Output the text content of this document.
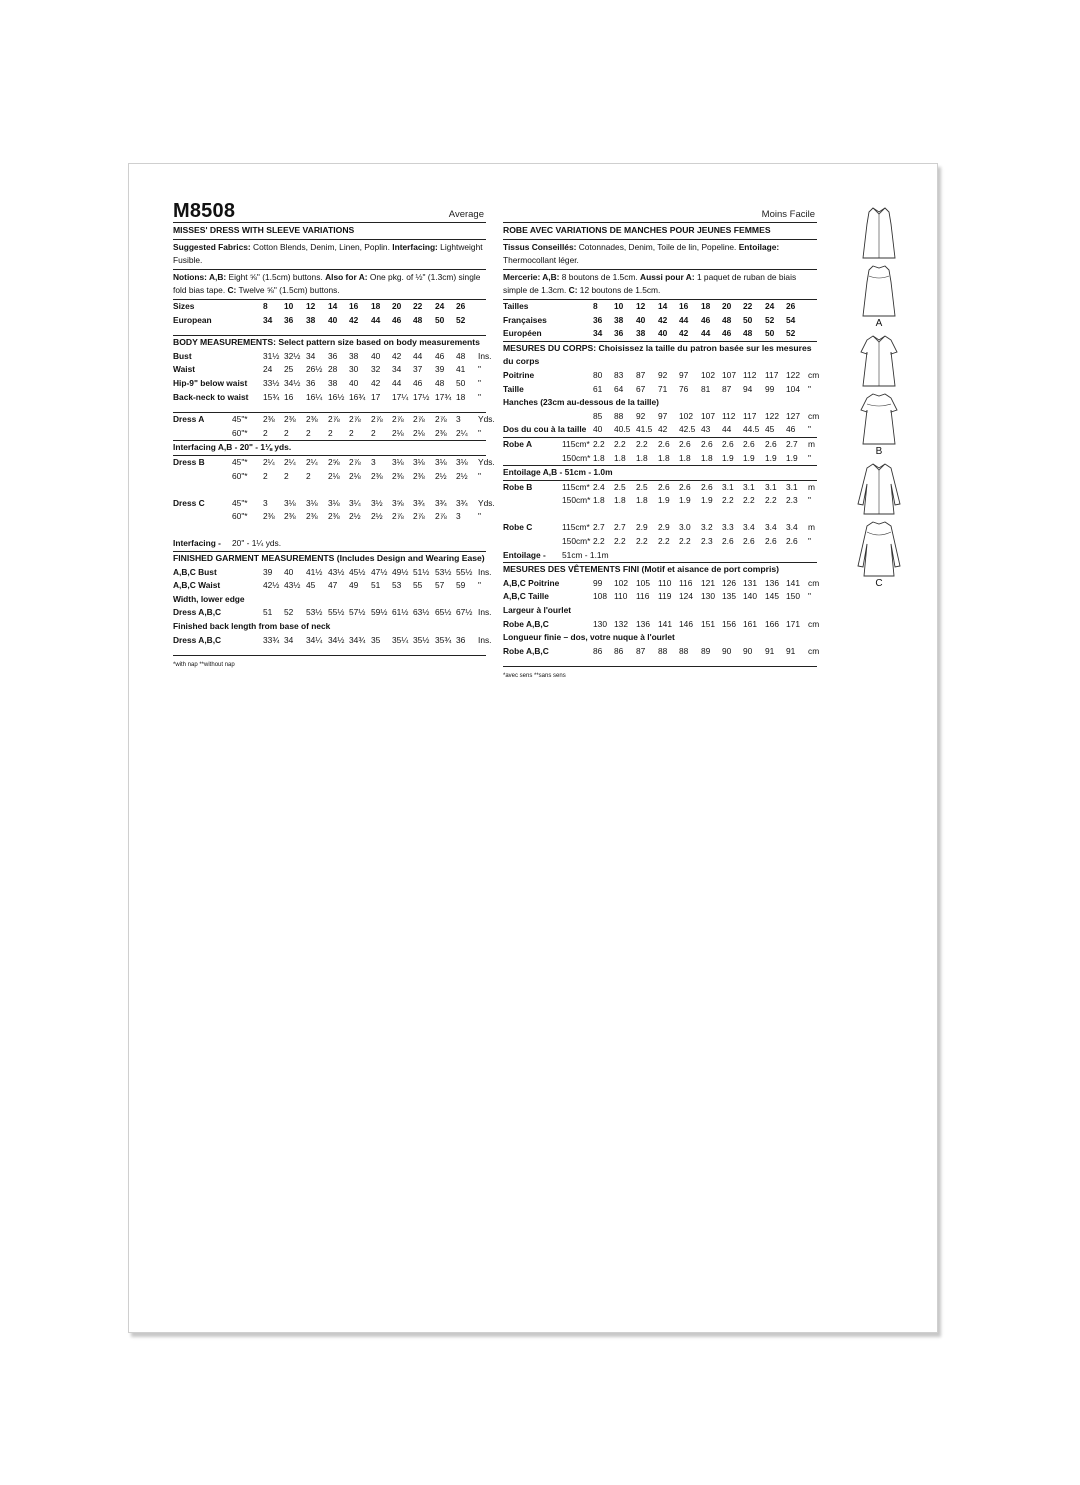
M8508	Average
MISSES' DRESS WITH SLEEVE VARIATIONS
Suggested Fabrics: Cotton Blends, Denim, Linen, Poplin. Interfacing: Lightweight Fusible.
Notions: A,B: Eight ⅝" (1.5cm) buttons. Also for A: One pkg. of ½" (1.3cm) single fold bias tape. C: Twelve ⅝" (1.5cm) buttons.
Sizes	8	10	12	14	16	18	20	22	24	26
European	34	36	38	40	42	44	46	48	50	52
BODY MEASUREMENTS: Select pattern size based on body measurements
Bust	31½ 32½ 34	36	38	40	42	44	46	48	Ins.
Waist	24	25	26½ 28	30	32	34	37	39	41	"
Hip-9" below waist 33½ 34½ 36	38	40	42	44	46	48	50	"
Back-neck to waist 15¾ 16	16¼ 16½ 16¾ 17	17¼ 17½ 17¾ 18	"
Dress A	45"* 2⅜	2⅜	2⅜	2⅞	2⅞	2⅞	2⅞	2⅞	2⅞	3	Yds.
60"* 2	2	2	2	2	2	2⅛	2⅛	2⅜	2¼	"
Interfacing A,B - 20" - 1⅛ yds.
Dress B	45"* 2¼	2¼	2¼	2⅝	2⅞	3	3⅛	3⅛	3⅛	3⅛	Yds.
60"* 2	2	2	2⅛	2⅛	2⅜	2⅜	2⅜	2½	2½	"
Dress C	45"* 3	3⅛	3⅛	3⅛	3¼	3½	3⅝	3¾	3¾	3¾	Yds.
60"* 2⅜	2⅜	2⅜	2⅜	2½	2½	2⅞	2⅞	2⅞	3	"
Interfacing - 20" - 1¼ yds.
FINISHED GARMENT MEASUREMENTS (Includes Design and Wearing Ease)
A,B,C Bust	39	40	41½ 43½ 45½ 47½ 49½ 51½ 53½ 55½ Ins.
A,B,C Waist	42½ 43½ 45	47	49	51	53	55	57	59	"
Width, lower edge
Dress A,B,C	51	52	53½ 55½ 57½ 59½ 61½ 63½ 65½ 67½ Ins.
Finished back length from base of neck
Dress A,B,C	33¾ 34	34¼ 34½ 34¾ 35	35¼ 35½ 35¾ 36	Ins.
*with nap **without nap
Moins Facile
ROBE AVEC VARIATIONS DE MANCHES POUR JEUNES FEMMES
Tissus Conseillés: Cotonnades, Denim, Toile de lin, Popeline. Entoilage: Thermocollant léger.
Mercerie: A,B: 8 boutons de 1.5cm. Aussi pour A: 1 paquet de ruban de biais simple de 1.3cm. C: 12 boutons de 1.5cm.
Tailles	8	10	12	14	16	18	20	22	24	26
Françaises	36	38	40	42	44	46	48	50	52	54
Européen	34	36	38	40	42	44	46	48	50	52
MESURES DU CORPS: Choisissez la taille du patron basée sur les mesures du corps
Poitrine	80	83	87	92	97	102 107 112	117 122 cm
Taille	61	64	67	71	76	81	87	94	99	104 "
Hanches (23cm au-dessous de la taille)
85	88	92	97	102 107 112 117	122 127 cm
Dos du cou à la taille 40	40.5 41.5 42	42.5 43	44	44.5 45	46	"
Robe A	115cm* 2.2	2.2	2.2	2.6	2.6	2.6	2.6	2.6	2.6	2.7	m
150cm* 1.8	1.8	1.8	1.8	1.8	1.8	1.9	1.9	1.9	1.9	"
Entoilage A,B - 51cm - 1.0m
Robe B	115cm* 2.4	2.5	2.5	2.6	2.6	2.6	3.1	3.1	3.1	3.1	m
150cm* 1.8	1.8	1.8	1.9	1.9	1.9	2.2	2.2	2.2	2.3	"
Robe C	115cm* 2.7	2.7	2.9	2.9	3.0	3.2	3.3	3.4	3.4	3.4	m
150cm* 2.2	2.2	2.2	2.2	2.2	2.3	2.6	2.6	2.6	2.6	"
Entoilage - 51cm - 1.1m
MESURES DES VÊTEMENTS FINI (Motif et aisance de port compris)
A,B,C Poitrine	99	102 105 110 116	121 126 131 136 141 cm
A,B,C Taille	108 110	116	119 124 130 135 140 145 150 "
Largeur à l'ourlet
Robe A,B,C	130 132 136 141 146 151 156 161 166 171 cm
Longueur finie – dos, votre nuque à l'ourlet
Robe A,B,C	86	86	87	88	88	89	90	90	91	91	cm
*avec sens **sans sens
A
B
C
